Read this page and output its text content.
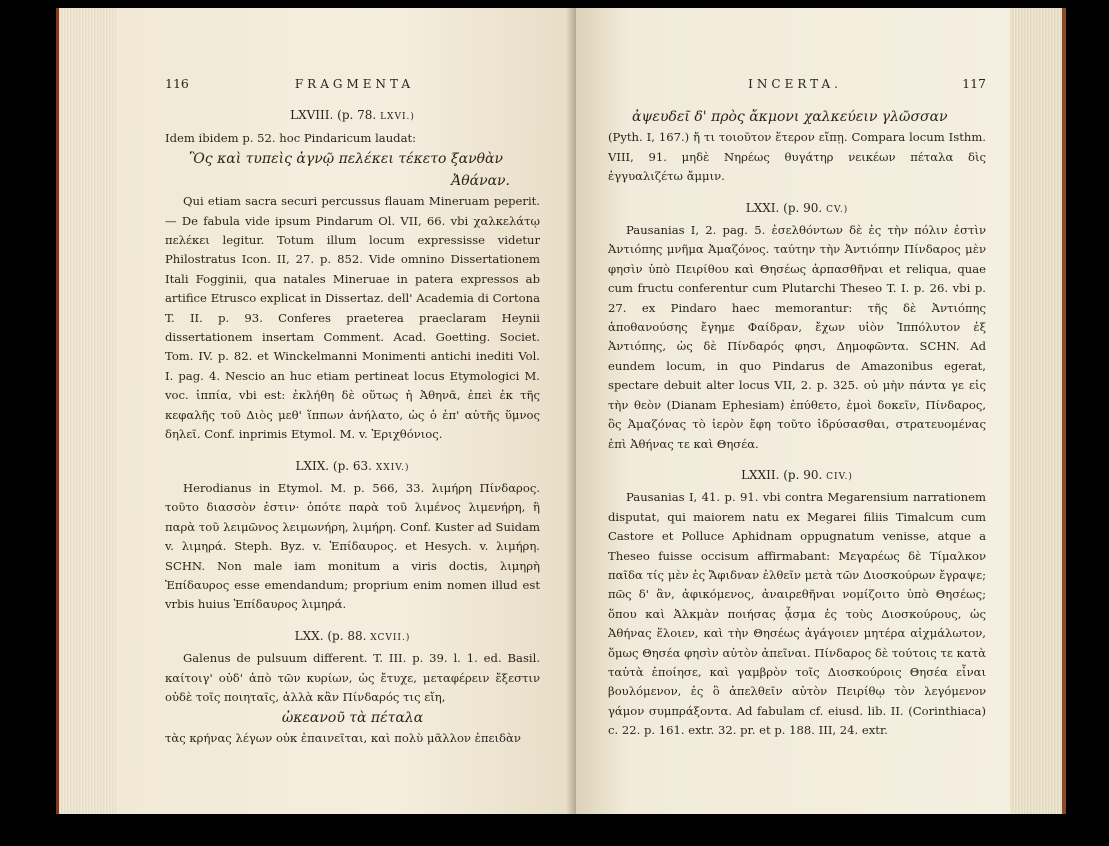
116	FRAGMENTA
LXVIII. (p. 78. LXVI.)

Idem ibidem p. 52. hoc Pindaricum laudat:

Ὃς καὶ τυπεὶς ἀγνῷ πελέκει τέκετο ξανθὰν
Ἀθάναν.

Qui etiam sacra securi percussus flauam Mineruam peperit. — De fabula vide ipsum Pindarum Ol. VII, 66. vbi χαλκελάτῳ πελέκει legitur. Totum illum locum expressisse videtur Philostratus Icon. II, 27. p. 852. Vide omnino Dissertationem Itali Fogginii, qua natales Mineruae in patera expressos ab artifice Etrusco explicat in Dissertaz. dell' Academia di Cortona T. II. p. 93. Conferes praeterea praeclaram Heynii dissertationem insertam Comment. Acad. Goetting. Societ. Tom. IV. p. 82. et Winckelmanni Monimenti antichi inediti Vol. I. pag. 4. Nescio an huc etiam pertineat locus Etymologici M. voc. ἱππία, vbi est: ἐκλήθη δὲ οὕτως ἡ Ἀθηνᾶ, ἐπεὶ ἐκ τῆς κεφαλῆς τοῦ Διὸς μεθ' ἵππων ἀνήλατο, ὡς ὁ ἐπ' αὐτῆς ὕμνος δηλεῖ. Conf. inprimis Etymol. M. v. Ἐριχθόνιος.

LXIX. (p. 63. XXIV.)

Herodianus in Etymol. M. p. 566, 33. λιμήρη Πίνδαρος. τοῦτο διασσὸν ἐστιν· ὁπότε παρὰ τοῦ λιμένος λιμενήρη, ἢ παρὰ τοῦ λειμῶνος λειμωνήρη, λιμήρη. Conf. Kuster ad Suidam v. λιμηρά. Steph. Byz. v. Ἐπίδαυρος. et Hesych. v. λιμήρη. SCHN. Non male iam monitum a viris doctis, λιμηρὴ Ἐπίδαυρος esse emendandum; proprium enim nomen illud est vrbis huius Ἐπίδαυρος λιμηρά.

LXX. (p. 88. XCVII.)

Galenus de pulsuum different. T. III. p. 39. l. 1. ed. Basil. καίτοιγ' οὐδ' ἀπὸ τῶν κυρίων, ὡς ἔτυχε, μεταφέρειν ἔξεστιν οὐδὲ τοῖς ποιηταῖς, ἀλλὰ κἂν Πίνδαρός τις εἴη,

ὠκεανοῦ τὰ πέταλα

τὰς κρήνας λέγων οὐκ ἐπαινεῖται, καὶ πολὺ μᾶλλον ἐπειδὰν

INCERTA.	117
ἀψευδεῖ δ' πρὸς ἄκμονι χαλκεύειν γλῶσσαν

(Pyth. I, 167.) ἤ τι τοιοῦτον ἕτερον εἴπῃ. Compara locum Isthm. VIII, 91. μηδὲ Νηρέως θυγάτηρ νεικέων πέταλα δὶς ἐγγυαλιζέτω ἄμμιν.

LXXI. (p. 90. CV.)

Pausanias I, 2. pag. 5. ἐσελθόντων δὲ ἐς τὴν πόλιν ἐστὶν Ἀντιόπης μνῆμα Ἀμαζόνος. ταύτην τὴν Ἀντιόπην Πίνδαρος μὲν φησὶν ὑπὸ Πειρίθου καὶ Θησέως ἁρπασθῆναι et reliqua, quae cum fructu conferentur cum Plutarchi Theseo T. I. p. 26. vbi p. 27. ex Pindaro haec memorantur: τῆς δὲ Ἀντιόπης ἀποθανούσης ἔγημε Φαίδραν, ἔχων υἱὸν Ἱππόλυτον ἐξ Ἀντιόπης, ὡς δὲ Πίνδαρός φησι, Δημοφῶντα. SCHN. Ad eundem locum, in quo Pindarus de Amazonibus egerat, spectare debuit alter locus VII, 2. p. 325. οὐ μὴν πάντα γε εἰς τὴν θεὸν (Dianam Ephesiam) ἐπύθετο, ἐμοὶ δοκεῖν, Πίνδαρος, ὃς Ἀμαζόνας τὸ ἱερὸν ἔφη τοῦτο ἱδρύσασθαι, στρατευομένας ἐπὶ Ἀθήνας τε καὶ Θησέα.

LXXII. (p. 90. CIV.)

Pausanias I, 41. p. 91. vbi contra Megarensium narrationem disputat, qui maiorem natu ex Megarei filiis Timalcum cum Castore et Polluce Aphidnam oppugnatum venisse, atque a Theseo fuisse occisum affirmabant: Μεγαρέως δὲ Τίμαλκον παῖδα τίς μὲν ἐς Ἄφιδναν ἐλθεῖν μετὰ τῶν Διοσκούρων ἔγραψε; πῶς δ' ἂν, ἀφικόμενος, ἀναιρεθῆναι νομίζοιτο ὑπὸ Θησέως; ὅπου καὶ Ἀλκμὰν ποιήσας ᾆσμα ἐς τοὺς Διοσκούρους, ὡς Ἀθήνας ἕλοιεν, καὶ τὴν Θησέως ἀγάγοιεν μητέρα αἰχμάλωτον, ὅμως Θησέα φησὶν αὐτὸν ἀπεῖναι. Πίνδαρος δὲ τούτοις τε κατὰ ταὐτὰ ἐποίησε, καὶ γαμβρὸν τοῖς Διοσκούροις Θησέα εἶναι βουλόμενον, ἐς ὃ ἀπελθεῖν αὐτὸν Πειρίθῳ τὸν λεγόμενον γάμον συμπράξοντα. Ad fabulam cf. eiusd. lib. II. (Corinthiaca) c. 22. p. 161. extr. 32. pr. et p. 188. III, 24. extr.
